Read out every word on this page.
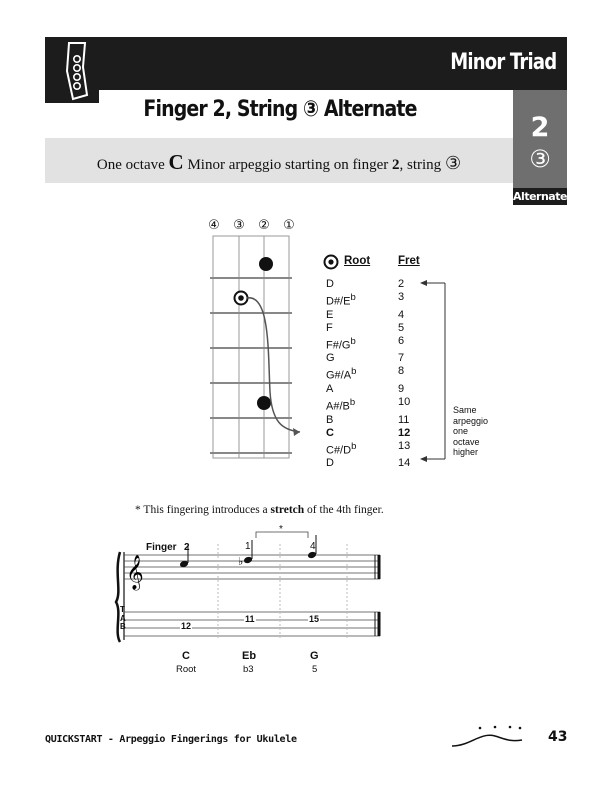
Minor Triad
Finger 2, String ③ Alternate
One octave C Minor arpeggio starting on finger 2, string ③
2
③
Alternate
④ ③ ② ①
Root Fret
D	2
$D\#/E^b$	3
E	4
F	5
$F\#/G^b$	6
G	7
$G\#/A^b$	8
A	9
$A\#/B^b$	10
B	11
C	12
$C\#/D^b$	13
D	14
Same
arpeggio
one
octave
higher
* This fingering introduces a stretch of the 4th finger.
𝄞	♭
Finger
*
2	1	4
T
A
B	12
11	15
C	Eb	G
Root	b3	5
QUICKSTART - Arpeggio Fingerings for Ukulele	43
